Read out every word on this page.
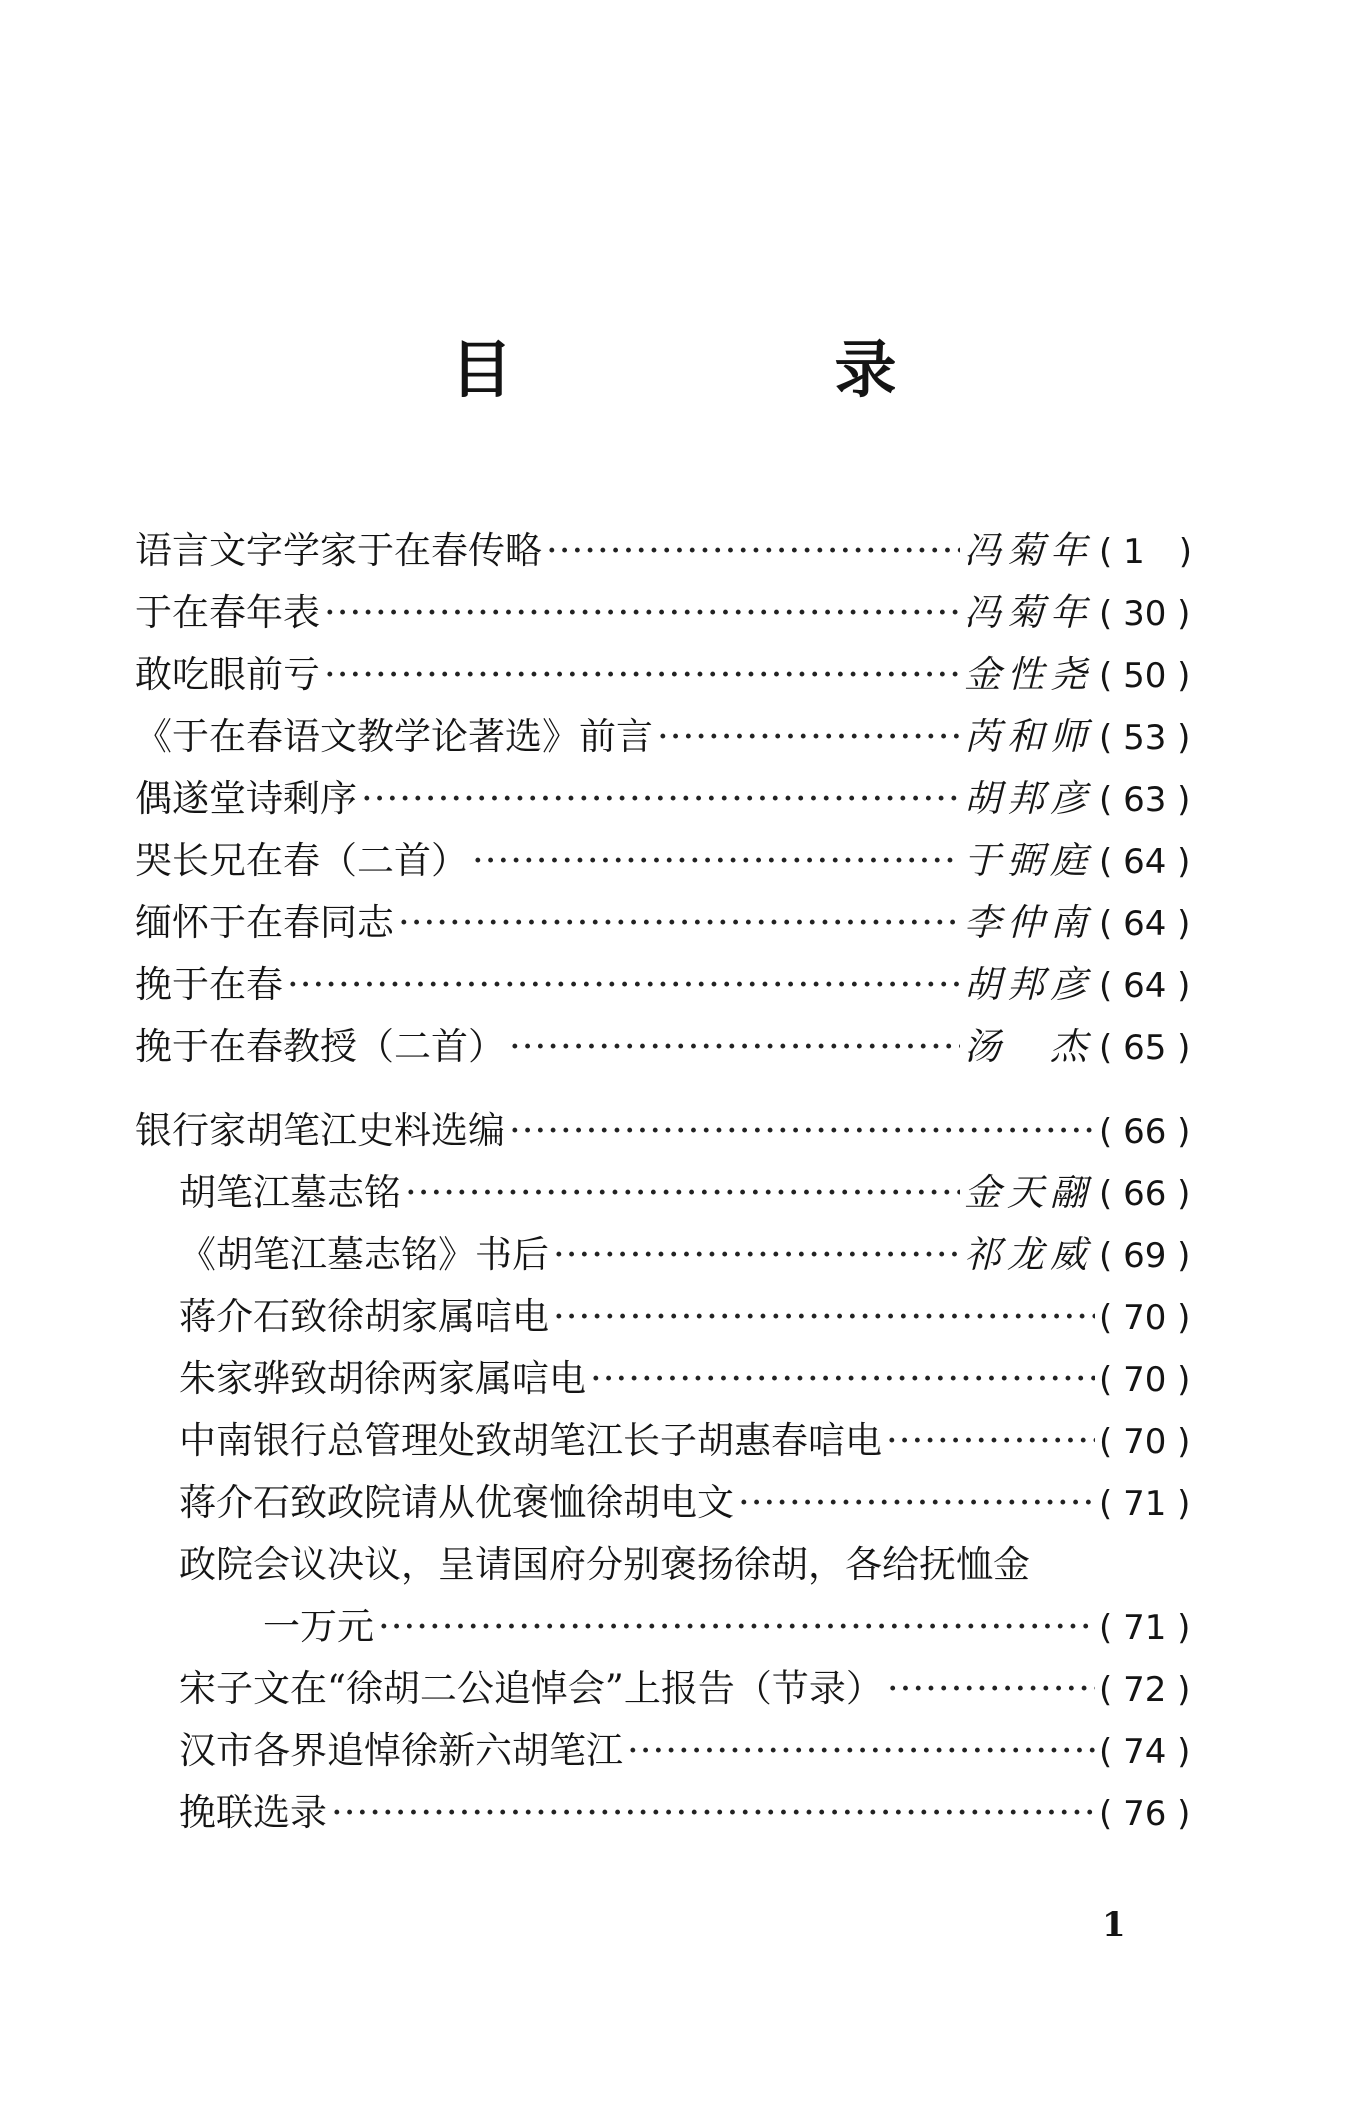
目　录
语言文字学家于在春传略 ·····	冯菊年 ( 1　)
于在春年表 ·····	冯菊年 ( 30 )
敢吃眼前亏 ·····	金性尧 ( 50 )
《于在春语文教学论著选》前言 ·····	芮和师 ( 53 )
偶遂堂诗剩序 ·····	胡邦彦 ( 63 )
哭长兄在春（二首） ·····	于弼庭 ( 64 )
缅怀于在春同志 ·····	李仲南 ( 64 )
挽于在春 ·····	胡邦彦 ( 64 )
挽于在春教授（二首） ·····	汤　杰 ( 65 )
银行家胡笔江史料选编 ·····	( 66 )
胡笔江墓志铭 ·····	金天翮 ( 66 )
《胡笔江墓志铭》书后 ·····	祁龙威 ( 69 )
蒋介石致徐胡家属唁电 ·····	( 70 )
朱家骅致胡徐两家属唁电 ·····	( 70 )
中南银行总管理处致胡笔江长子胡惠春唁电 ·····	( 70 )
蒋介石致政院请从优褒恤徐胡电文 ·····	( 71 )
政院会议决议，呈请国府分别褒扬徐胡，各给抚恤金
一万元 ·····	( 71 )
宋子文在“徐胡二公追悼会”上报告（节录） ·····	( 72 )
汉市各界追悼徐新六胡笔江 ·····	( 74 )
挽联选录 ·····	( 76 )
1
